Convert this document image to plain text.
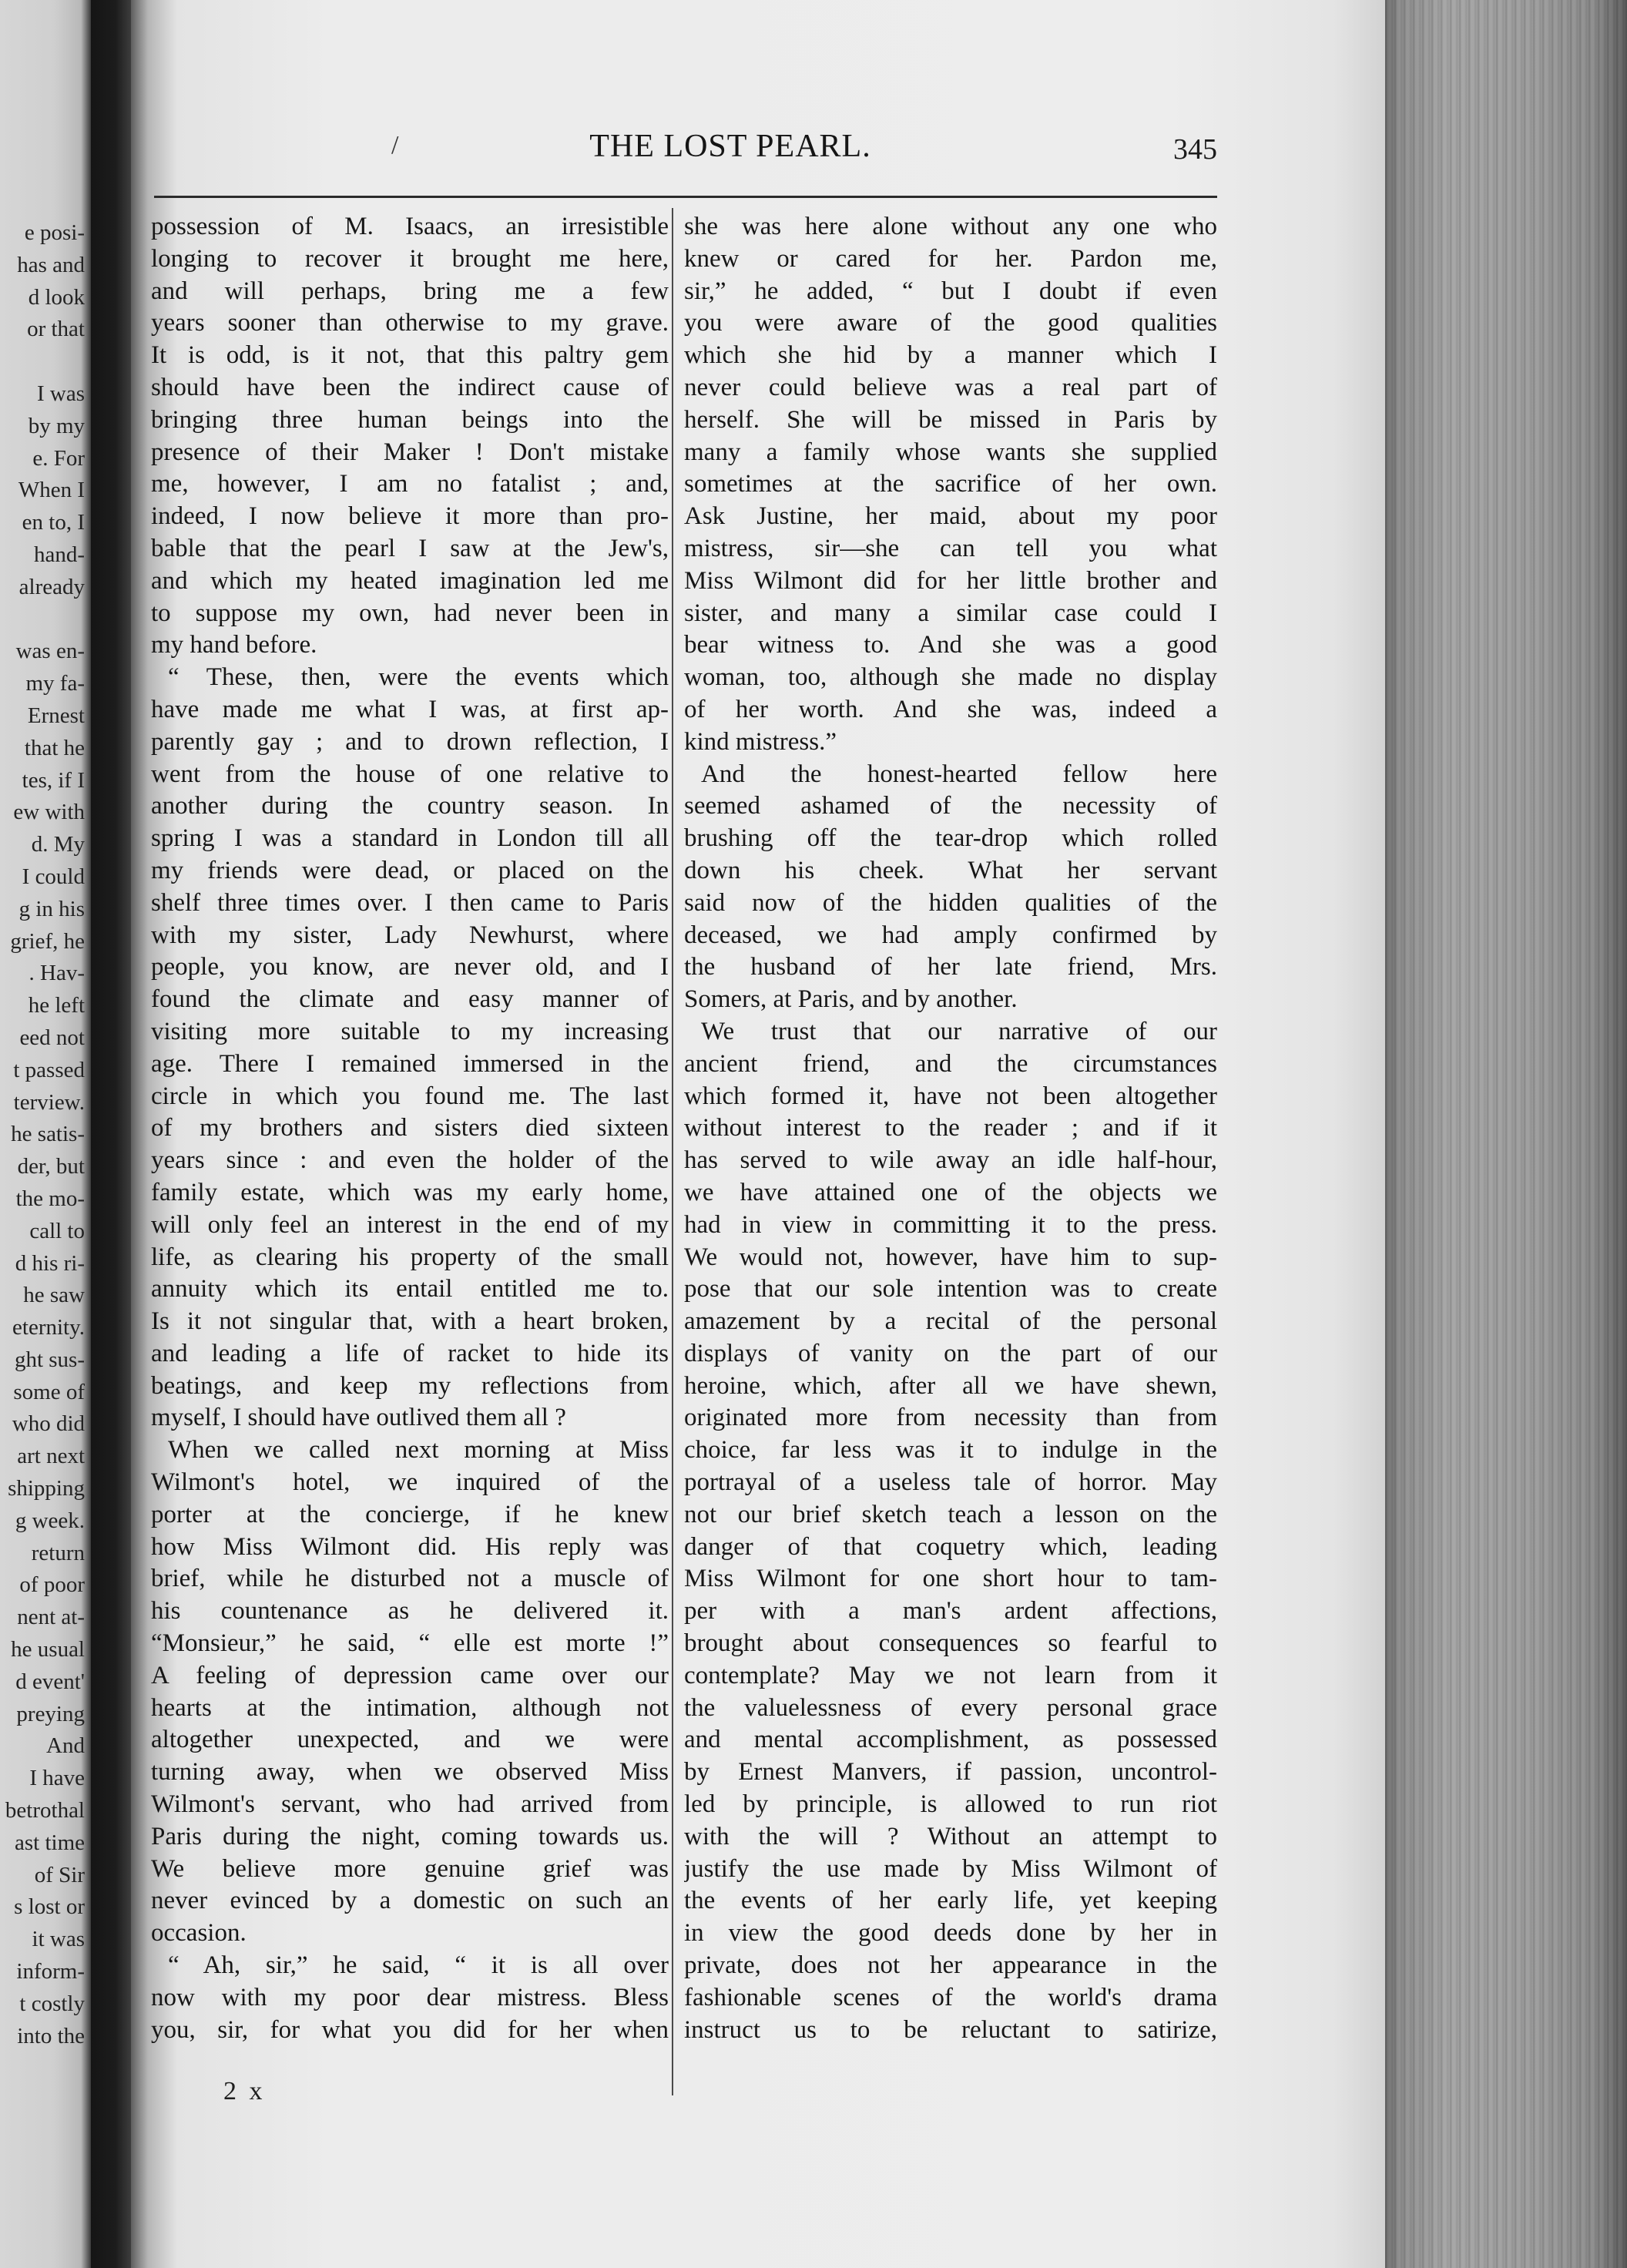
e posi-
has and
d look
or that
I was
by my
e. For
When I
en to, I
hand-
already
was en-
my fa-
Ernest
that he
tes, if I
ew with
d. My
I could
g in his
grief, he
. Hav-
he left
eed not
t passed
terview.
he satis-
der, but
the mo-
call to
d his ri-
he saw
eternity.
ght sus-
some of
who did
art next
shipping
g week.
return
of poor
nent at-
he usual
d event'
preying
And
I have
betrothal
ast time
of Sir
s lost or
it was
inform-
t costly
into the
/	THE LOST PEARL.	345
possession of M. Isaacs, an irresistible
longing to recover it brought me here,
and will perhaps, bring me a few
years sooner than otherwise to my grave.
It is odd, is it not, that this paltry gem
should have been the indirect cause of
bringing three human beings into the
presence of their Maker ! Don't mistake
me, however, I am no fatalist ; and,
indeed, I now believe it more than pro-
bable that the pearl I saw at the Jew's,
and which my heated imagination led me
to suppose my own, had never been in
my hand before.
“ These, then, were the events which
have made me what I was, at first ap-
parently gay ; and to drown reflection, I
went from the house of one relative to
another during the country season. In
spring I was a standard in London till all
my friends were dead, or placed on the
shelf three times over. I then came to Paris
with my sister, Lady Newhurst, where
people, you know, are never old, and I
found the climate and easy manner of
visiting more suitable to my increasing
age. There I remained immersed in the
circle in which you found me. The last
of my brothers and sisters died sixteen
years since : and even the holder of the
family estate, which was my early home,
will only feel an interest in the end of my
life, as clearing his property of the small
annuity which its entail entitled me to.
Is it not singular that, with a heart broken,
and leading a life of racket to hide its
beatings, and keep my reflections from
myself, I should have outlived them all ?
When we called next morning at Miss
Wilmont's hotel, we inquired of the
porter at the concierge, if he knew
how Miss Wilmont did. His reply was
brief, while he disturbed not a muscle of
his countenance as he delivered it.
“Monsieur,” he said, “ elle est morte !”
A feeling of depression came over our
hearts at the intimation, although not
altogether unexpected, and we were
turning away, when we observed Miss
Wilmont's servant, who had arrived from
Paris during the night, coming towards us.
We believe more genuine grief was
never evinced by a domestic on such an
occasion.
“ Ah, sir,” he said, “ it is all over
now with my poor dear mistress. Bless
you, sir, for what you did for her when
she was here alone without any one who
knew or cared for her. Pardon me,
sir,” he added, “ but I doubt if even
you were aware of the good qualities
which she hid by a manner which I
never could believe was a real part of
herself. She will be missed in Paris by
many a family whose wants she supplied
sometimes at the sacrifice of her own.
Ask Justine, her maid, about my poor
mistress, sir—she can tell you what
Miss Wilmont did for her little brother and
sister, and many a similar case could I
bear witness to. And she was a good
woman, too, although she made no display
of her worth. And she was, indeed a
kind mistress.”
And the honest-hearted fellow here
seemed ashamed of the necessity of
brushing off the tear-drop which rolled
down his cheek. What her servant
said now of the hidden qualities of the
deceased, we had amply confirmed by
the husband of her late friend, Mrs.
Somers, at Paris, and by another.
We trust that our narrative of our
ancient friend, and the circumstances
which formed it, have not been altogether
without interest to the reader ; and if it
has served to wile away an idle half-hour,
we have attained one of the objects we
had in view in committing it to the press.
We would not, however, have him to sup-
pose that our sole intention was to create
amazement by a recital of the personal
displays of vanity on the part of our
heroine, which, after all we have shewn,
originated more from necessity than from
choice, far less was it to indulge in the
portrayal of a useless tale of horror. May
not our brief sketch teach a lesson on the
danger of that coquetry which, leading
Miss Wilmont for one short hour to tam-
per with a man's ardent affections,
brought about consequences so fearful to
contemplate? May we not learn from it
the valuelessness of every personal grace
and mental accomplishment, as possessed
by Ernest Manvers, if passion, uncontrol-
led by principle, is allowed to run riot
with the will ? Without an attempt to
justify the use made by Miss Wilmont of
the events of her early life, yet keeping
in view the good deeds done by her in
private, does not her appearance in the
fashionable scenes of the world's drama
instruct us to be reluctant to satirize,
2 x
